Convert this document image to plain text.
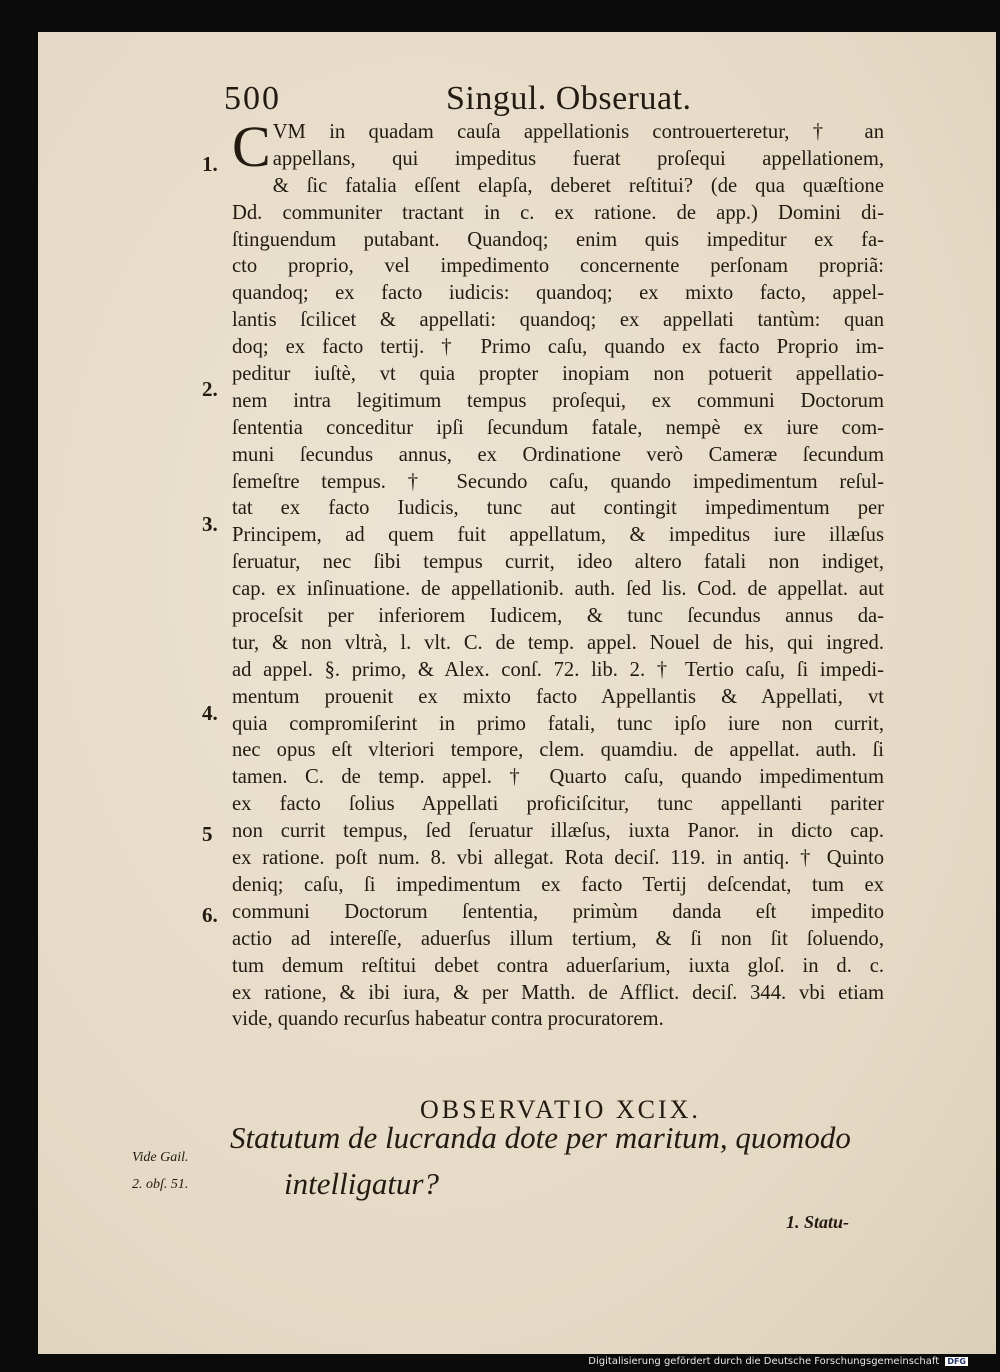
500	Singul. Obseruat.
C VM in quadam cauſa appellationis controuerteretur, † an
appellans, qui impeditus fuerat proſequi appellationem,
& ſic fatalia eſſent elapſa, deberet reſtitui? (de qua quæſtione
Dd. communiter tractant in c. ex ratione. de app.) Domini di-
ſtinguendum putabant. Quandoq; enim quis impeditur ex fa-
cto proprio, vel impedimento concernente perſonam propriã:
quandoq; ex facto iudicis: quandoq; ex mixto facto, appel-
lantis ſcilicet & appellati: quandoq; ex appellati tantùm: quan
doq; ex facto tertij. † Primo caſu, quando ex facto Proprio im-
peditur iuſtè, vt quia propter inopiam non potuerit appellatio-
nem intra legitimum tempus proſequi, ex communi Doctorum
ſententia conceditur ipſi ſecundum fatale, nempè ex iure com-
muni ſecundus annus, ex Ordinatione verò Cameræ ſecundum
ſemeſtre tempus. † Secundo caſu, quando impedimentum reſul-
tat ex facto Iudicis, tunc aut contingit impedimentum per
Principem, ad quem fuit appellatum, & impeditus iure illæſus
ſeruatur, nec ſibi tempus currit, ideo altero fatali non indiget,
cap. ex inſinuatione. de appellationib. auth. ſed lis. Cod. de appellat. aut
proceſsit per inferiorem Iudicem, & tunc ſecundus annus da-
tur, & non vltrà, l. vlt. C. de temp. appel. Nouel de his, qui ingred.
ad appel. §. primo, & Alex. conſ. 72. lib. 2. † Tertio caſu, ſi impedi-
mentum prouenit ex mixto facto Appellantis & Appellati, vt
quia compromiſerint in primo fatali, tunc ipſo iure non currit,
nec opus eſt vlteriori tempore, clem. quamdiu. de appellat. auth. ſi
tamen. C. de temp. appel. † Quarto caſu, quando impedimentum
ex facto ſolius Appellati proficiſcitur, tunc appellanti pariter
non currit tempus, ſed ſeruatur illæſus, iuxta Panor. in dicto cap.
ex ratione. poſt num. 8. vbi allegat. Rota deciſ. 119. in antiq. † Quinto
deniq; caſu, ſi impedimentum ex facto Tertij deſcendat, tum ex
communi Doctorum ſententia, primùm danda eſt impedito
actio ad intereſſe, aduerſus illum tertium, & ſi non ſit ſoluendo,
tum demum reſtitui debet contra aduerſarium, iuxta gloſ. in d. c.
ex ratione, & ibi iura, & per Matth. de Afflict. deciſ. 344. vbi etiam
vide, quando recurſus habeatur contra procuratorem.
1.
2.
3.
4.
5
6.
OBSERVATIO XCIX.
Vide Gail.
2. obſ. 51.
Statutum de lucranda dote per maritum, quomodo
intelligatur?
1. Statu-
Digitalisierung gefördert durch die Deutsche Forschungsgemeinschaft DFG
